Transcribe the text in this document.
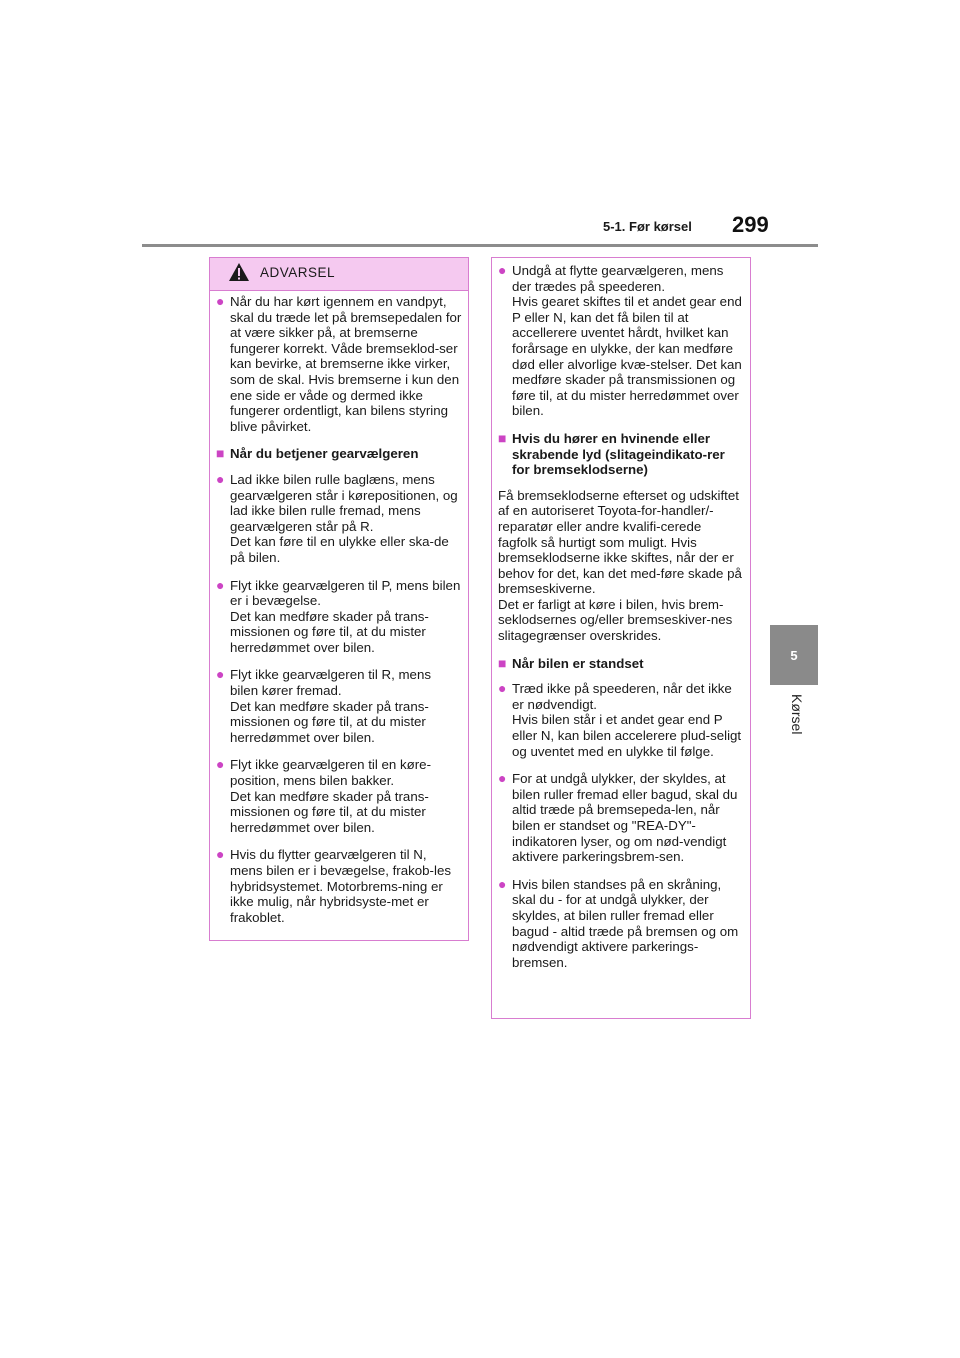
5-1. Før kørsel 299
5
Kørsel
ADVARSEL
● Når du har kørt igennem en vandpyt, skal du træde let på bremsepedalen for at være sikker på, at bremserne fungerer korrekt. Våde bremseklod-ser kan bevirke, at bremserne ikke virker, som de skal. Hvis bremserne i kun den ene side er våde og dermed ikke fungerer ordentligt, kan bilens styring blive påvirket.
■ Når du betjener gearvælgeren
● Lad ikke bilen rulle baglæns, mens gearvælgeren står i kørepositionen, og lad ikke bilen rulle fremad, mens gearvælgeren står på R.
Det kan føre til en ulykke eller ska-de på bilen.
● Flyt ikke gearvælgeren til P, mens bilen er i bevægelse.
Det kan medføre skader på trans-missionen og føre til, at du mister herredømmet over bilen.
● Flyt ikke gearvælgeren til R, mens bilen kører fremad.
Det kan medføre skader på trans-missionen og føre til, at du mister herredømmet over bilen.
● Flyt ikke gearvælgeren til en køre-position, mens bilen bakker.
Det kan medføre skader på trans-missionen og føre til, at du mister herredømmet over bilen.
● Hvis du flytter gearvælgeren til N, mens bilen er i bevægelse, frakob-les hybridsystemet. Motorbrems-ning er ikke mulig, når hybridsyste-met er frakoblet.
● Undgå at flytte gearvælgeren, mens der trædes på speederen.
Hvis gearet skiftes til et andet gear end P eller N, kan det få bilen til at accellerere uventet hårdt, hvilket kan forårsage en ulykke, der kan medføre død eller alvorlige kvæ-stelser. Det kan medføre skader på transmissionen og føre til, at du mister herredømmet over bilen.
■ Hvis du hører en hvinende eller skrabende lyd (slitageindikato-rer for bremseklodserne)
Få bremseklodserne efterset og udskiftet af en autoriseret Toyota-for-handler/-reparatør eller andre kvalifi-cerede fagfolk så hurtigt som muligt. Hvis bremseklodserne ikke skiftes, når der er behov for det, kan det med-føre skade på bremseskiverne.
Det er farligt at køre i bilen, hvis brem-seklodsernes og/eller bremseskiver-nes slitagegrænser overskrides.
■ Når bilen er standset
● Træd ikke på speederen, når det ikke er nødvendigt.
Hvis bilen står i et andet gear end P eller N, kan bilen accelerere plud-seligt og uventet med en ulykke til følge.
● For at undgå ulykker, der skyldes, at bilen ruller fremad eller bagud, skal du altid træde på bremsepeda-len, når bilen er standset og "REA-DY"-indikatoren lyser, og om nød-vendigt aktivere parkeringsbrem-sen.
● Hvis bilen standses på en skråning, skal du - for at undgå ulykker, der skyldes, at bilen ruller fremad eller bagud - altid træde på bremsen og om nødvendigt aktivere parkerings-bremsen.
